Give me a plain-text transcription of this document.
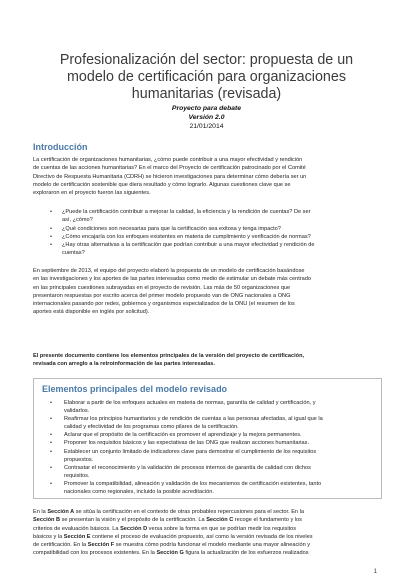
Profesionalización del sector: propuesta de un
modelo de certificación para organizaciones
humanitarias (revisada)
Proyecto para debate
Versión 2.0
21/01/2014
Introducción
La certificación de organizaciones humanitarias, ¿cómo puede contribuir a una mayor efectividad y rendición
de cuentas de las acciones humanitarias? En el marco del Proyecto de certificación patrocinado por el Comité
Directivo de Respuesta Humanitaria (CDRH) se hicieron investigaciones para determinar cómo debería ser un
modelo de certificación sostenible que diera resultado y cómo lograrlo. Algunas cuestiones clave que se
exploraron en el proyecto fueron las siguientes.
• ¿Puede la certificación contribuir a mejorar la calidad, la eficiencia y la rendición de cuentas? De ser
así, ¿cómo?
• ¿Qué condiciones son necesarias para que la certificación sea exitosa y tenga impacto?
• ¿Cómo encajaría con los enfoques existentes en materia de cumplimiento y verificación de normas?
• ¿Hay otras alternativas a la certificación que podrían contribuir a una mayor efectividad y rendición de
cuentas?
En septiembre de 2013, el equipo del proyecto elaboró la propuesta de un modelo de certificación basándose
en las investigaciones y los aportes de las partes interesadas como medio de estimular un debate más centrado
en las principales cuestiones subrayadas en el proyecto de revisión. Las más de 50 organizaciones que
presentaron respuestas por escrito acerca del primer modelo propuesto van de ONG nacionales a ONG
internacionales pasando por redes, gobiernos y organismos especializados de la ONU (el resumen de los
aportes está disponible en inglés por solicitud).
El presente documento contiene los elementos principales de la versión del proyecto de certificación,
revisada con arreglo a la retroinformación de las partes interesadas.
Elementos principales del modelo revisado
• Elaborar a partir de los enfoques actuales en materia de normas, garantía de calidad y certificación, y
validarlos.
• Reafirmar los principios humanitarios y de rendición de cuentas a las personas afectadas, al igual que la
calidad y efectividad de los programas como pilares de la certificación.
• Aclarar que el propósito de la certificación es promover el aprendizaje y la mejora permanentes.
• Proponer los requisitos básicos y las expectativas de las ONG que realizan acciones humanitarias.
• Establecer un conjunto limitado de indicadores clave para demostrar el cumplimiento de los requisitos
propuestos.
• Contrastar el reconocimiento y la validación de procesos internos de garantía de calidad con dichos
requisitos.
• Promover la compatibilidad, alineación y validación de los mecanismos de certificación existentes, tanto
nacionales como regionales, incluido la posible acreditación.
En la Sección A se sitúa la certificación en el contexto de otras probables repercusiones para el sector. En la
Sección B se presentan la visión y el propósito de la certificación. La Sección C recoge el fundamento y los
criterios de evaluación básicos. La Sección D versa sobre la forma en que se podrían medir los requisitos
básicos y la Sección E contiene el proceso de evaluación propuesto, así como la versión revisada de los niveles
de certificación. En la Sección F se muestra cómo podría funcionar el modelo mediante una mayor alineación y
compatibilidad con los procesos existentes. En la Sección G figura la actualización de los esfuerzos realizados
1
